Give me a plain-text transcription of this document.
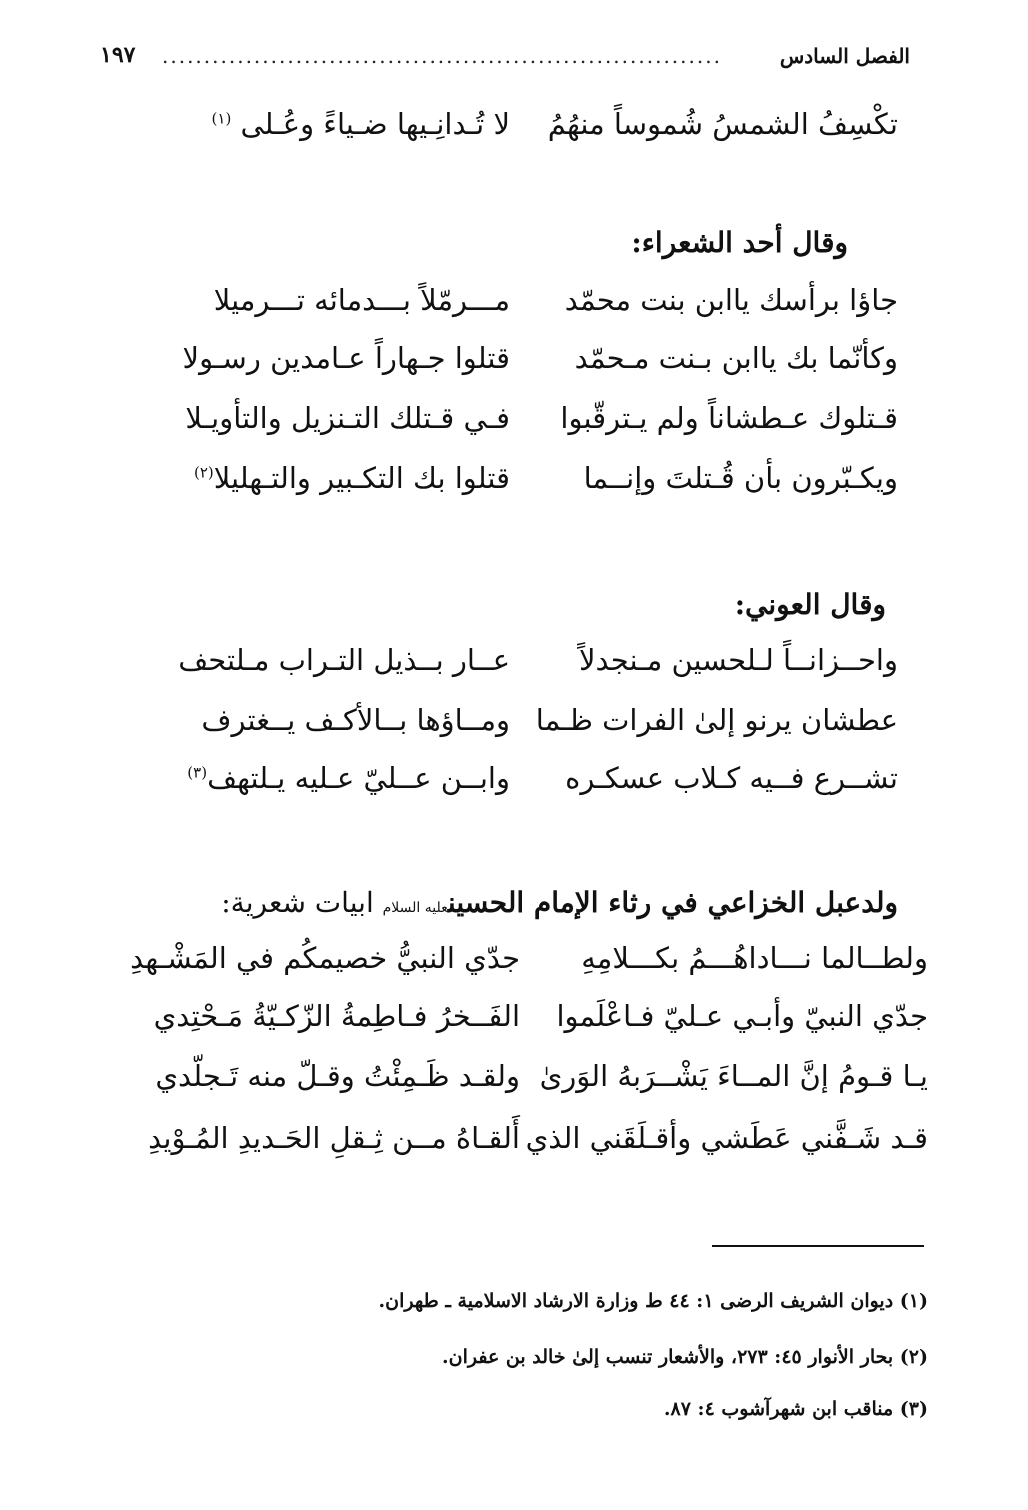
الفصل السادس
...................................................................
١٩٧
تكْسِفُ الشمسُ شُموساً منهُمُ
لا تُـدانِـيها ضـياءً وعُـلى $^{(١)}$
وقال أحد الشعراء:
جاؤا برأسك ياابن بنت محمّد
مـــرمّلاً بـــدمائه تـــرميلا
وكأنّما بك ياابن بـنت مـحمّد
قتلوا جـهاراً عـامدين رسـولا
قـتلوك عـطشاناً ولم يـترقّبوا
فـي قـتلك التـنزيل والتأويـلا
ويكـبّرون بأن قُـتلتَ وإنــما
قتلوا بك التكـبير والتـهليلا$^{(٢)}$
وقال العوني:
واحــزانــاً لـلحسين مـنجدلاً
عــار بــذيل التـراب مـلتحف
عطشان يرنو إلىٰ الفرات ظـما
ومــاؤها بــالأكـف يــغترف
تشــرع فــيه كـلاب عسكـره
وابــن عــليّ عـليه يـلتهف$^{(٣)}$
ولدعبل الخزاعي في رثاء الإمام الحسينعليه السلام ابيات شعرية:
ولطــالما نـــاداهُـــمُ بكـــلامِهِ
جدّي النبيُّ خصيمكُم في المَشْـهدِ
جدّي النبيّ وأبـي عـليّ فـاعْلَموا
الفَــخرُ فـاطِمةُ الزّكـيّةُ مَـحْتِدي
يـا قـومُ إنَّ المــاءَ يَشْــرَبهُ الوَرىٰ
ولقـد ظَـمِئْتُ وقـلّ منه تَـجلّدي
قـد شَـفَّني عَطَشي وأقـلَقَني الذي
أَلقـاهُ مــن ثِـقلِ الحَـديدِ المُـوْيدِ
(١) ديوان الشريف الرضى ١: ٤٤ ط وزارة الارشاد الاسلامية ـ طهران.
(٢) بحار الأنوار ٤٥: ٢٧٣، والأشعار تنسب إلىٰ خالد بن عفران.
(٣) مناقب ابن شهرآشوب ٤: ٨٧.
